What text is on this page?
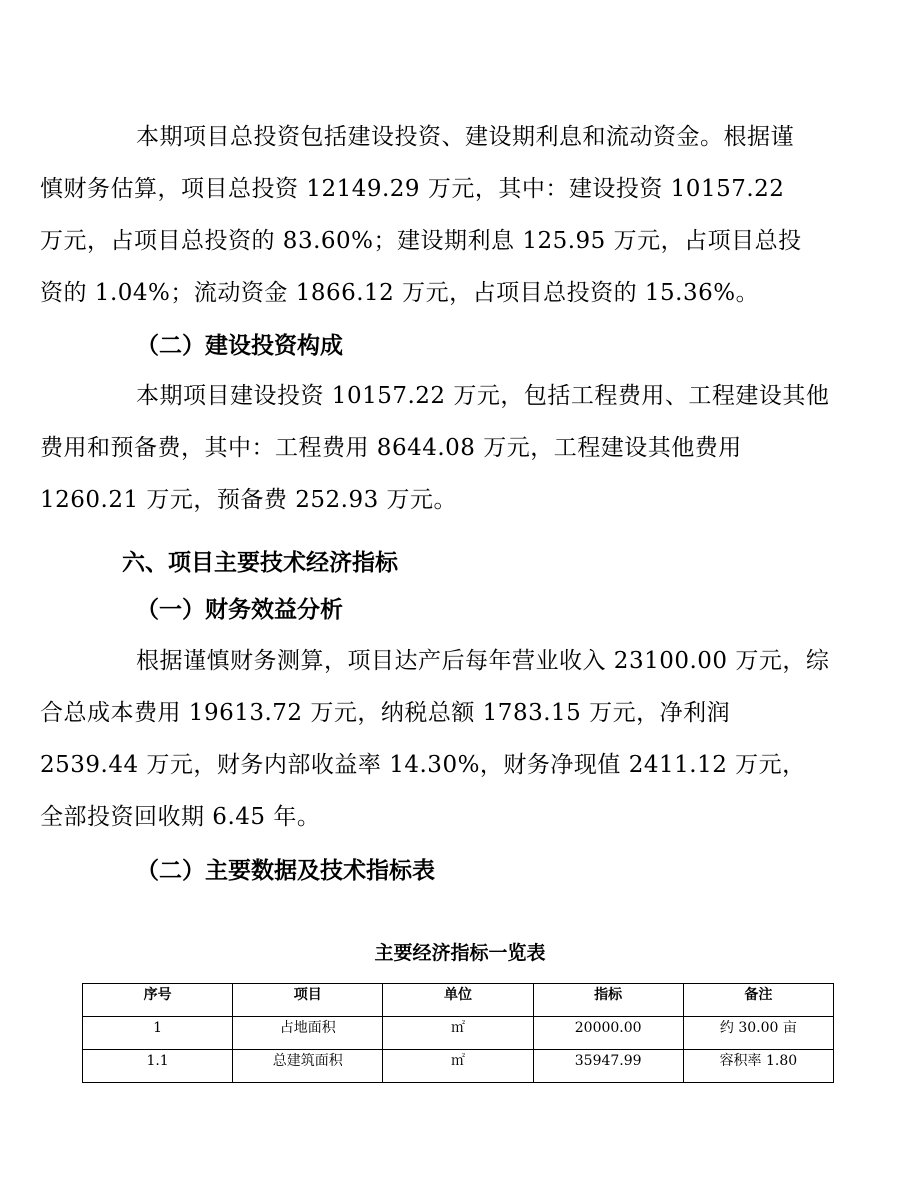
本期项目总投资包括建设投资、建设期利息和流动资金。根据谨
慎财务估算，项目总投资 12149.29 万元，其中：建设投资 10157.22
万元，占项目总投资的 83.60%；建设期利息 125.95 万元，占项目总投
资的 1.04%；流动资金 1866.12 万元，占项目总投资的 15.36%。

（二）建设投资构成

本期项目建设投资 10157.22 万元，包括工程费用、工程建设其他
费用和预备费，其中：工程费用 8644.08 万元，工程建设其他费用
1260.21 万元，预备费 252.93 万元。

六、项目主要技术经济指标
（一）财务效益分析

根据谨慎财务测算，项目达产后每年营业收入 23100.00 万元，综
合总成本费用 19613.72 万元，纳税总额 1783.15 万元，净利润
2539.44 万元，财务内部收益率 14.30%，财务净现值 2411.12 万元，
全部投资回收期 6.45 年。

（二）主要数据及技术指标表
主要经济指标一览表
序号	项目	单位	指标	备注
1	占地面积	㎡	20000.00	约 30.00 亩
1.1	总建筑面积	㎡	35947.99	容积率 1.80
